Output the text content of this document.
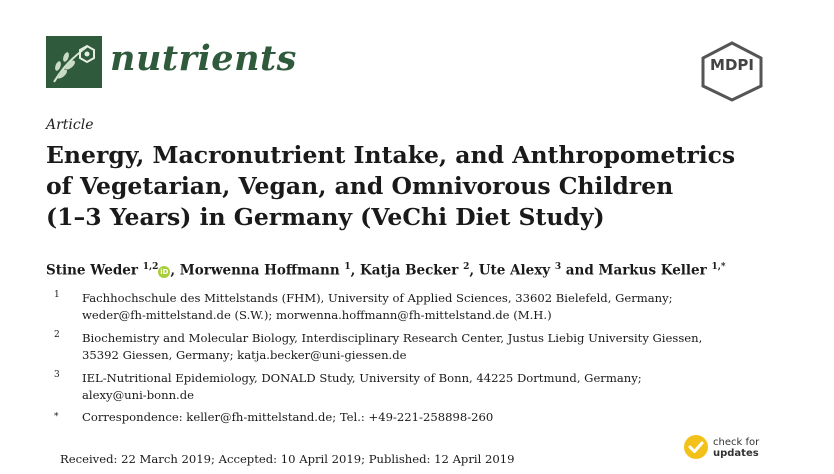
nutrients	MDPI
Article
Energy, Macronutrient Intake, and Anthropometrics
of Vegetarian, Vegan, and Omnivorous Children
(1–3 Years) in Germany (VeChi Diet Study)
Stine Weder $^{1,2}$ iD , Morwenna Hoffmann $^1$, Katja Becker $^2$, Ute Alexy $^3$ and Markus Keller $^{1,*}$
1 Fachhochschule des Mittelstands (FHM), University of Applied Sciences, 33602 Bielefeld, Germany;
weder@fh-mittelstand.de (S.W.); morwenna.hoffmann@fh-mittelstand.de (M.H.)
2 Biochemistry and Molecular Biology, Interdisciplinary Research Center, Justus Liebig University Giessen,
35392 Giessen, Germany; katja.becker@uni-giessen.de
3 IEL-Nutritional Epidemiology, DONALD Study, University of Bonn, 44225 Dortmund, Germany;
alexy@uni-bonn.de
* Correspondence: keller@fh-mittelstand.de; Tel.: +49-221-258898-260
Received: 22 March 2019; Accepted: 10 April 2019; Published: 12 April 2019
check for
updates
